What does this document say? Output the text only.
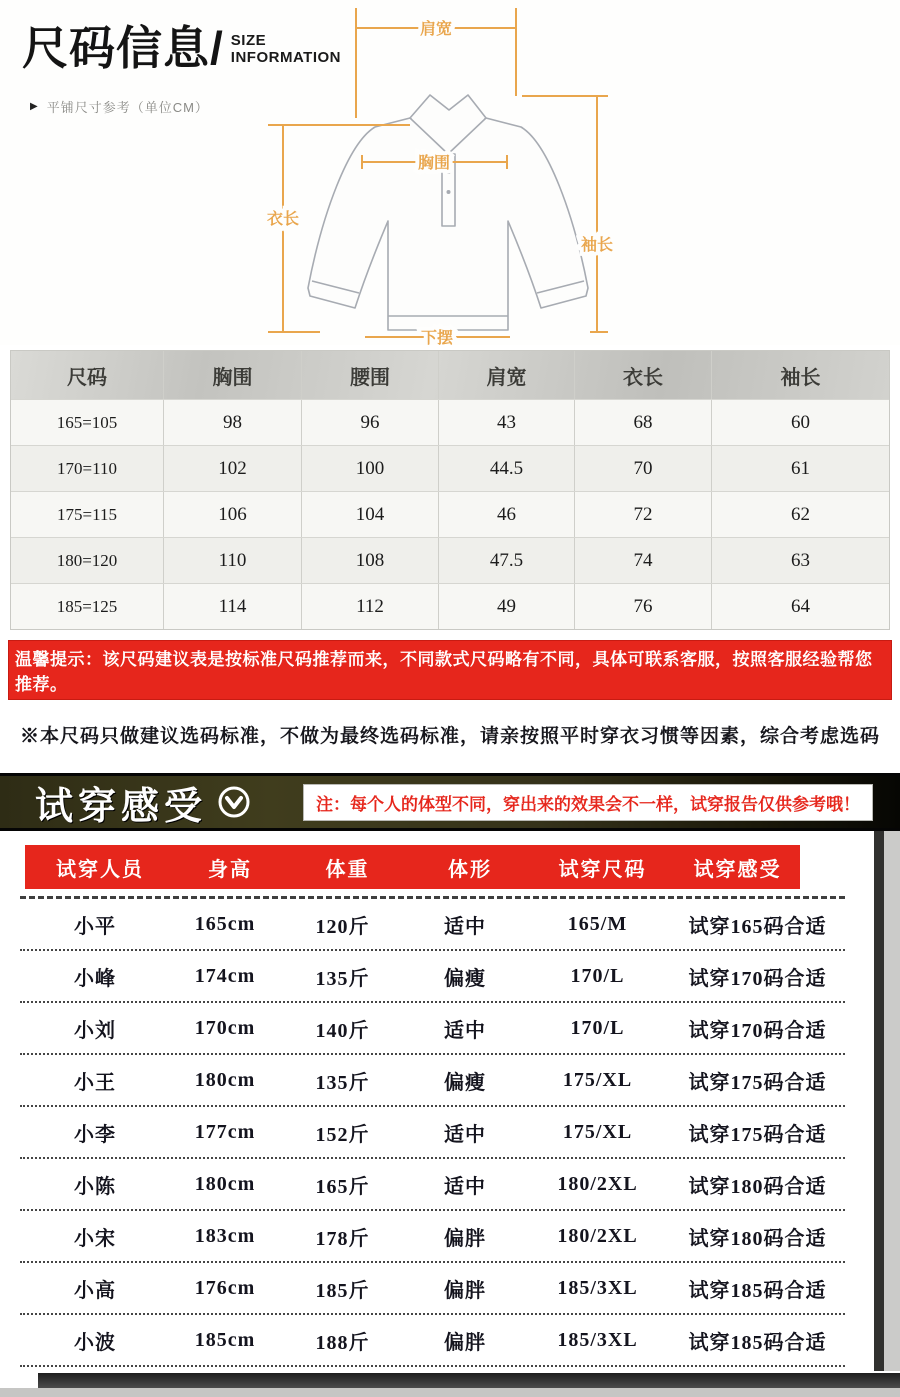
尺码信息/ SIZE
INFORMATION
▶ 平铺尺寸参考（单位CM）
肩宽
胸围
衣长
袖长
下摆
尺码	胸围	腰围	肩宽	衣长	袖长
165=105	98	96	43	68	60
170=110	102	100	44.5	70	61
175=115	106	104	46	72	62
180=120	110	108	47.5	74	63
185=125	114	112	49	76	64
温馨提示：该尺码建议表是按标准尺码推荐而来，不同款式尺码略有不同，具体可联系客服，按照客服经验帮您推荐。
※本尺码只做建议选码标准，不做为最终选码标准，请亲按照平时穿衣习惯等因素，综合考虑选码
试穿感受	注：每个人的体型不同，穿出来的效果会不一样，试穿报告仅供参考哦！
试穿人员	身高	体重	体形	试穿尺码	试穿感受
小平	165cm	120斤	适中	165/M	试穿165码合适
小峰	174cm	135斤	偏瘦	170/L	试穿170码合适
小刘	170cm	140斤	适中	170/L	试穿170码合适
小王	180cm	135斤	偏瘦	175/XL	试穿175码合适
小李	177cm	152斤	适中	175/XL	试穿175码合适
小陈	180cm	165斤	适中	180/2XL	试穿180码合适
小宋	183cm	178斤	偏胖	180/2XL	试穿180码合适
小高	176cm	185斤	偏胖	185/3XL	试穿185码合适
小波	185cm	188斤	偏胖	185/3XL	试穿185码合适
